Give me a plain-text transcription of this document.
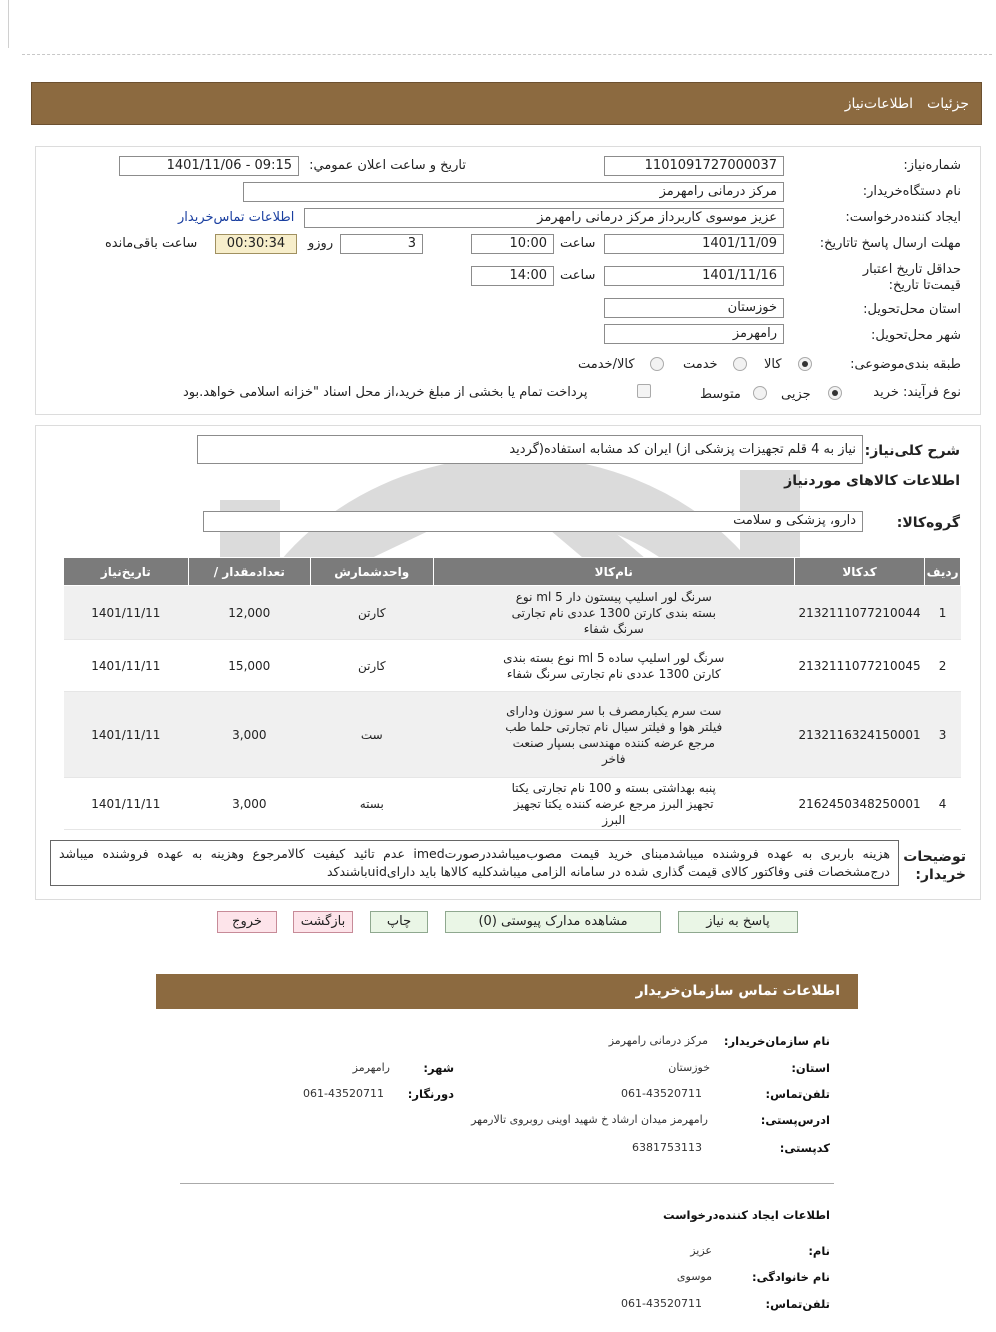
جزئیات
اطلاعات‌نیاز
شماره‌نیاز:
1101091727000037
تاريخ و ساعت اعلان عمومي:
1401/11/06 - 09:15
نام دستگاه‌خریدار:
مرکز درمانی رامهرمز
ایجاد کننده‌درخواست:
عزیز موسوی کاربرداز مرکز درمانی رامهرمز
اطلاعات تماس‌خریدار
مهلت ارسال پاسخ تا‌تاریخ:
1401/11/09
ساعت
10:00
3
روزو
00:30:34
ساعت باقی‌مانده
حداقل تاریخ اعتبار قیمت‌تا تاریخ:
1401/11/16
ساعت
14:00
استان محل‌تحویل:
خوزستان
شهر محل‌تحویل:
رامهرمز
طبقه بندی‌موضوعی:
کالا
خدمت
کالا/خدمت
نوع فرآیند: خرید
جزیی
متوسط
پرداخت تمام یا بخشی از مبلغ خرید،از محل اسناد "خزانه اسلامی خواهد.بود
شرح کلی‌نیاز:
نیاز به 4 قلم تجهیزات پزشکی از) ایران کد مشابه استفاده(گردید
اطلاعات کالاهای موردنیاز
گروه‌کالا:
دارو، پزشکی و سلامت
ردیف	کدکالا	نام‌کالا	واحدشمارش	تعداد‌مقدار /	تاریخ‌نیاز
1	2132111077210044	سرنگ لور اسلیپ پیستون دار 5 ml نوع بسته بندی کارتن 1300 عددی نام تجارتی سرنگ شفاء	کارتن	12,000	1401/11/11
2	2132111077210045	سرنگ لور اسلیپ ساده 5 ml نوع بسته بندی کارتن 1300 عددی نام تجارتی سرنگ شفاء	کارتن	15,000	1401/11/11
3	2132116324150001	ست سرم یکبارمصرف با سر سوزن ودارای فیلتر هوا و فیلتر سیال نام تجارتی حلما طب مرجع عرضه کننده مهندسی بسپار صنعت فاخر	ست	3,000	1401/11/11
4	2162450348250001	پنبه بهداشتی بسته و 100 نام تجارتی یکتا تجهیز البرز مرجع عرضه کننده یکتا تجهیز البرز	بسته	3,000	1401/11/11
توضیحات خریدار:
هزینه باربری به عهده فروشنده میباشدمبنای خرید قیمت مصوب‌میباشددرصورتimed عدم تائید کیفیت کالامرجوع وهزینه به عهده فروشنده میباشد درج‌مشخصات فنی وفاکتور کالای قیمت گذاری شده در سامانه الزامی میباشدکلیه کالاها باید دارایuidباشندکد
پاسخ به نیاز
مشاهده مدارک پیوستی (0)
چاپ
بازگشت
خروج
اطلاعات تماس سازمان‌خریدار
نام سازمان‌خریدار:
مرکز درمانی رامهرمز
استان:
خوزستان
شهر:
رامهرمز
تلفن‌تماس:
061-43520711
دورنگار:
061-43520711
ادرس‌پستی:
رامهرمز میدان ارشاد خ شهید اوینی روبروی تالارمهر
کد‌پستی:
6381753113
اطلاعات ایجاد کننده‌درخواست
نام:
عزیز
نام خانوادگی:
موسوی
تلفن‌تماس:
061-43520711
